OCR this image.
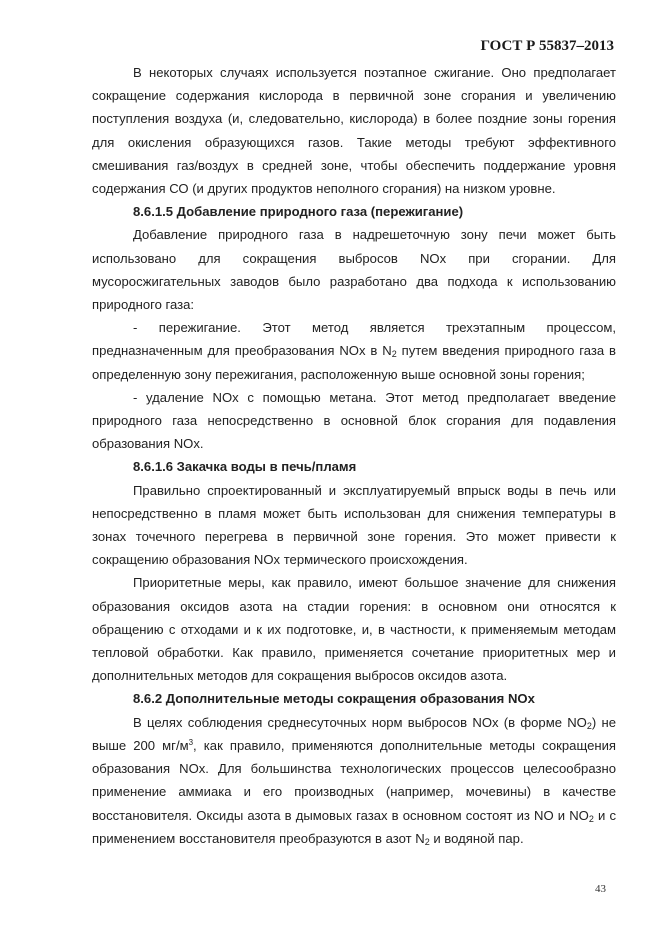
ГОСТ Р 55837–2013

В некоторых случаях используется поэтапное сжигание. Оно предполагает сокращение содержания кислорода в первичной зоне сгорания и увеличению поступления воздуха (и, следовательно, кислорода) в более поздние зоны горения для окисления образующихся газов. Такие методы требуют эффективного смешивания газ/воздух в средней зоне, чтобы обеспечить поддержание уровня содержания СО (и других продуктов неполного сгорания) на низком уровне.

8.6.1.5 Добавление природного газа (пережигание)

Добавление природного газа в надрешеточную зону печи может быть использовано для сокращения выбросов NOx при сгорании. Для мусоросжигательных заводов было разработано два подхода к использованию природного газа:

- пережигание. Этот метод является трехэтапным процессом, предназначенным для преобразования NOx в $N_2$ путем введения природного газа в определенную зону пережигания, расположенную выше основной зоны горения;

- удаление NOx с помощью метана. Этот метод предполагает введение природного газа непосредственно в основной блок сгорания для подавления образования NOx.

8.6.1.6 Закачка воды в печь/пламя

Правильно спроектированный и эксплуатируемый впрыск воды в печь или непосредственно в пламя может быть использован для снижения температуры в зонах точечного перегрева в первичной зоне горения. Это может привести к сокращению образования NOx термического происхождения.

Приоритетные меры, как правило, имеют большое значение для снижения образования оксидов азота на стадии горения: в основном они относятся к обращению с отходами и к их подготовке, и, в частности, к применяемым методам тепловой обработки. Как правило, применяется сочетание приоритетных мер и дополнительных методов для сокращения выбросов оксидов азота.

8.6.2 Дополнительные методы сокращения образования NOx

В целях соблюдения среднесуточных норм выбросов NOx (в форме $NO_2$) не выше 200 $мг/м^3$, как правило, применяются дополнительные методы сокращения образования NOx. Для большинства технологических процессов целесообразно применение аммиака и его производных (например, мочевины) в качестве восстановителя. Оксиды азота в дымовых газах в основном состоят из NO и $NO_2$ и с применением восстановителя преобразуются в азот $N_2$ и водяной пар.

43
